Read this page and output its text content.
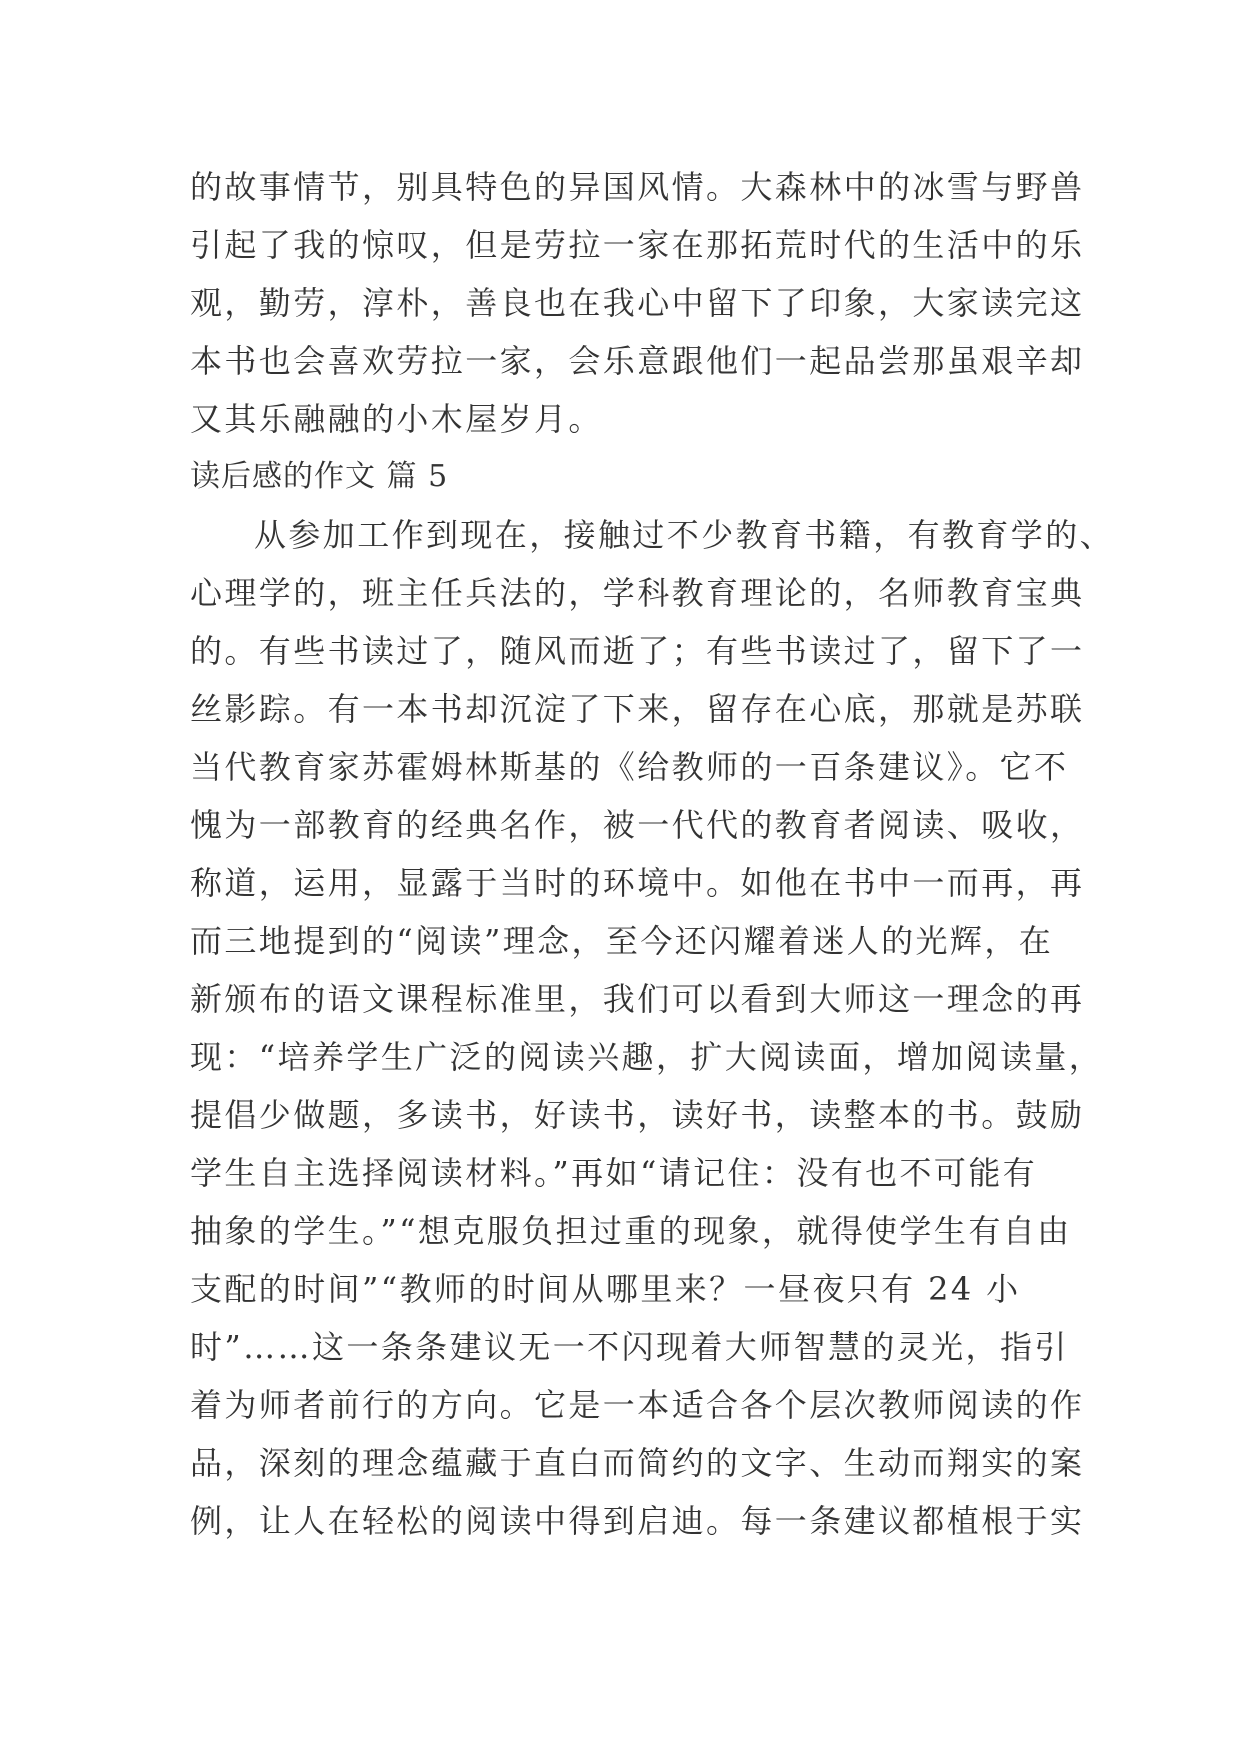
的故事情节，别具特色的异国风情。大森林中的冰雪与野兽
引起了我的惊叹，但是劳拉一家在那拓荒时代的生活中的乐
观，勤劳，淳朴，善良也在我心中留下了印象，大家读完这
本书也会喜欢劳拉一家，会乐意跟他们一起品尝那虽艰辛却
又其乐融融的小木屋岁月。
读后感的作文 篇 5
从参加工作到现在，接触过不少教育书籍，有教育学的、
心理学的，班主任兵法的，学科教育理论的，名师教育宝典
的。有些书读过了，随风而逝了；有些书读过了，留下了一
丝影踪。有一本书却沉淀了下来，留存在心底，那就是苏联
当代教育家苏霍姆林斯基的《给教师的一百条建议》。它不
愧为一部教育的经典名作，被一代代的教育者阅读、吸收，
称道，运用，显露于当时的环境中。如他在书中一而再，再
而三地提到的“阅读”理念，至今还闪耀着迷人的光辉，在
新颁布的语文课程标准里，我们可以看到大师这一理念的再
现：“培养学生广泛的阅读兴趣，扩大阅读面，增加阅读量，
提倡少做题，多读书，好读书，读好书，读整本的书。鼓励
学生自主选择阅读材料。”再如“请记住：没有也不可能有
抽象的学生。”“想克服负担过重的现象，就得使学生有自由
支配的时间”“教师的时间从哪里来？一昼夜只有 24 小
时”……这一条条建议无一不闪现着大师智慧的灵光，指引
着为师者前行的方向。它是一本适合各个层次教师阅读的作
品，深刻的理念蕴藏于直白而简约的文字、生动而翔实的案
例，让人在轻松的阅读中得到启迪。每一条建议都植根于实
